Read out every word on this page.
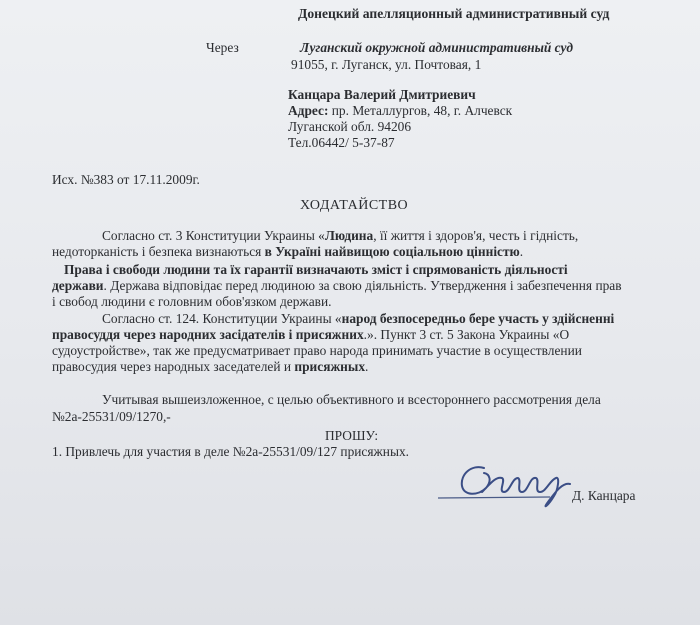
Донецкий апелляционный административный суд
Через	Луганский окружной административный суд
91055, г. Луганск, ул. Почтовая, 1
Канцара Валерий Дмитриевич
Адрес: пр. Металлургов, 48, г. Алчевск
Луганской обл. 94206
Тел.06442/ 5-37-87
Исх. №383 от 17.11.2009г.
ХОДАТАЙСТВО
Согласно ст. 3 Конституции Украины «Людина, її життя і здоров'я, честь і гідність,
недоторканість і безпека визнаються в Україні найвищою соціальною цінністю.
Права і свободи людини та їх гарантії визначають зміст і спрямованість діяльності
держави. Держава відповідає перед людиною за свою діяльність. Утвердження і забезпечення прав
і свобод людини є головним обов'язком держави.
Согласно ст. 124. Конституции Украины «народ безпосередньо бере участь у здійсненні
правосуддя через народних засідателів і присяжних.». Пункт 3 ст. 5 Закона Украины «О
судоустройстве», так же предусматривает право народа принимать участие в осуществлении
правосудия через народных заседателей и присяжных.
Учитывая вышеизложенное, с целью объективного и всестороннего рассмотрения дела
№2а-25531/09/1270,-
ПРОШУ:
1. Привлечь для участия в деле №2а-25531/09/127 присяжных.
Д. Канцара
